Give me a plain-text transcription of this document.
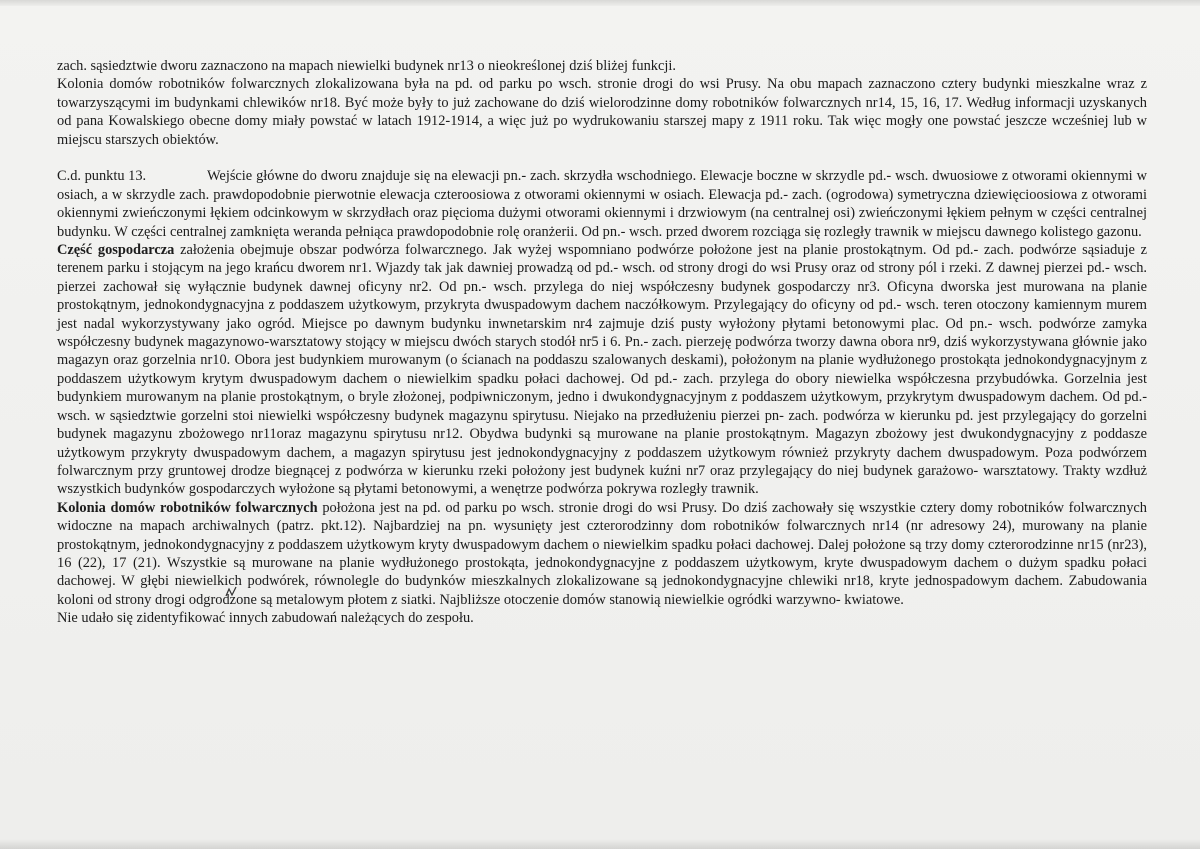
zach. sąsiedztwie dworu zaznaczono na mapach niewielki budynek nr13 o nieokreślonej dziś bliżej funkcji.

Kolonia domów robotników folwarcznych zlokalizowana była na pd. od parku po wsch. stronie drogi do wsi Prusy. Na obu mapach zaznaczono cztery budynki mieszkalne wraz z towarzyszącymi im budynkami chlewików nr18. Być może były to już zachowane do dziś wielorodzinne domy robotników folwarcznych nr14, 15, 16, 17. Według informacji uzyskanych od pana Kowalskiego obecne domy miały powstać w latach 1912-1914, a więc już po wydrukowaniu starszej mapy z 1911 roku. Tak więc mogły one powstać jeszcze wcześniej lub w miejscu starszych obiektów.

C.d. punktu 13.	Wejście główne do dworu znajduje się na elewacji pn.- zach. skrzydła wschodniego. Elewacje boczne w skrzydle pd.- wsch. dwuosiowe z otworami okiennymi w osiach, a w skrzydle zach. prawdopodobnie pierwotnie elewacja czteroosiowa z otworami okiennymi w osiach. Elewacja pd.- zach. (ogrodowa) symetryczna dziewięcioosiowa z otworami okiennymi zwieńczonymi łękiem odcinkowym w skrzydłach oraz pięcioma dużymi otworami okiennymi i drzwiowym (na centralnej osi) zwieńczonymi łękiem pełnym w części centralnej budynku. W części centralnej zamknięta weranda pełniąca prawdopodobnie rolę oranżerii. Od pn.- wsch. przed dworem rozciąga się rozległy trawnik w miejscu dawnego kolistego gazonu.

Część gospodarcza założenia obejmuje obszar podwórza folwarcznego. Jak wyżej wspomniano podwórze położone jest na planie prostokątnym. Od pd.- zach. podwórze sąsiaduje z terenem parku i stojącym na jego krańcu dworem nr1. Wjazdy tak jak dawniej prowadzą od pd.- wsch. od strony drogi do wsi Prusy oraz od strony pól i rzeki. Z dawnej pierzei pd.- wsch. pierzei zachował się wyłącznie budynek dawnej oficyny nr2. Od pn.- wsch. przylega do niej współczesny budynek gospodarczy nr3. Oficyna dworska jest murowana na planie prostokątnym, jednokondygnacyjna z poddaszem użytkowym, przykryta dwuspadowym dachem naczółkowym. Przylegający do oficyny od pd.- wsch. teren otoczony kamiennym murem jest nadal wykorzystywany jako ogród. Miejsce po dawnym budynku inwnetarskim nr4 zajmuje dziś pusty wyłożony płytami betonowymi plac. Od pn.- wsch. podwórze zamyka współczesny budynek magazynowo-warsztatowy stojący w miejscu dwóch starych stodół nr5 i 6. Pn.- zach. pierzeję podwórza tworzy dawna obora nr9, dziś wykorzystywana głównie jako magazyn oraz gorzelnia nr10. Obora jest budynkiem murowanym (o ścianach na poddaszu szalowanych deskami), położonym na planie wydłużonego prostokąta jednokondygnacyjnym z poddaszem użytkowym krytym dwuspadowym dachem o niewielkim spadku połaci dachowej. Od pd.- zach. przylega do obory niewielka współczesna przybudówka. Gorzelnia jest budynkiem murowanym na planie prostokątnym, o bryle złożonej, podpiwniczonym, jedno i dwukondygnacyjnym z poddaszem użytkowym, przykrytym dwuspadowym dachem. Od pd.- wsch. w sąsiedztwie gorzelni stoi niewielki współczesny budynek magazynu spirytusu. Niejako na przedłużeniu pierzei pn- zach. podwórza w kierunku pd. jest przylegający do gorzelni budynek magazynu zbożowego nr11oraz magazynu spirytusu nr12. Obydwa budynki są murowane na planie prostokątnym. Magazyn zbożowy jest dwukondygnacyjny z poddasze użytkowym przykryty dwuspadowym dachem, a magazyn spirytusu jest jednokondygnacyjny z poddaszem użytkowym również przykryty dachem dwuspadowym. Poza podwórzem folwarcznym przy gruntowej drodze biegnącej z podwórza w kierunku rzeki położony jest budynek kuźni nr7 oraz przylegający do niej budynek garażowo- warsztatowy. Trakty wzdłuż wszystkich budynków gospodarczych wyłożone są płytami betonowymi, a wenętrze podwórza pokrywa rozległy trawnik.

Kolonia domów robotników folwarcznych położona jest na pd. od parku po wsch. stronie drogi do wsi Prusy. Do dziś zachowały się wszystkie cztery domy robotników folwarcznych widoczne na mapach archiwalnych (patrz. pkt.12). Najbardziej na pn. wysunięty jest czterorodzinny dom robotników folwarcznych nr14 (nr adresowy 24), murowany na planie prostokątnym, jednokondygnacyjny z poddaszem użytkowym kryty dwuspadowym dachem o niewielkim spadku połaci dachowej. Dalej położone są trzy domy czterorodzinne nr15 (nr23), 16 (22), 17 (21). Wszystkie są murowane na planie wydłużonego prostokąta, jednokondygnacyjne z poddaszem użytkowym, kryte dwuspadowym dachem o dużym spadku połaci dachowej. W głębi niewielkich podwórek, równolegle do budynków mieszkalnych zlokalizowane są jednokondygnacyjne chlewiki nr18, kryte jednospadowym dachem. Zabudowania koloni od strony drogi odgrodzone są metalowym płotem z siatki. Najbliższe otoczenie domów stanowią niewielkie ogródki warzywno- kwiatowe.

Nie udało się zidentyfikować innych zabudowań należących do zespołu.
